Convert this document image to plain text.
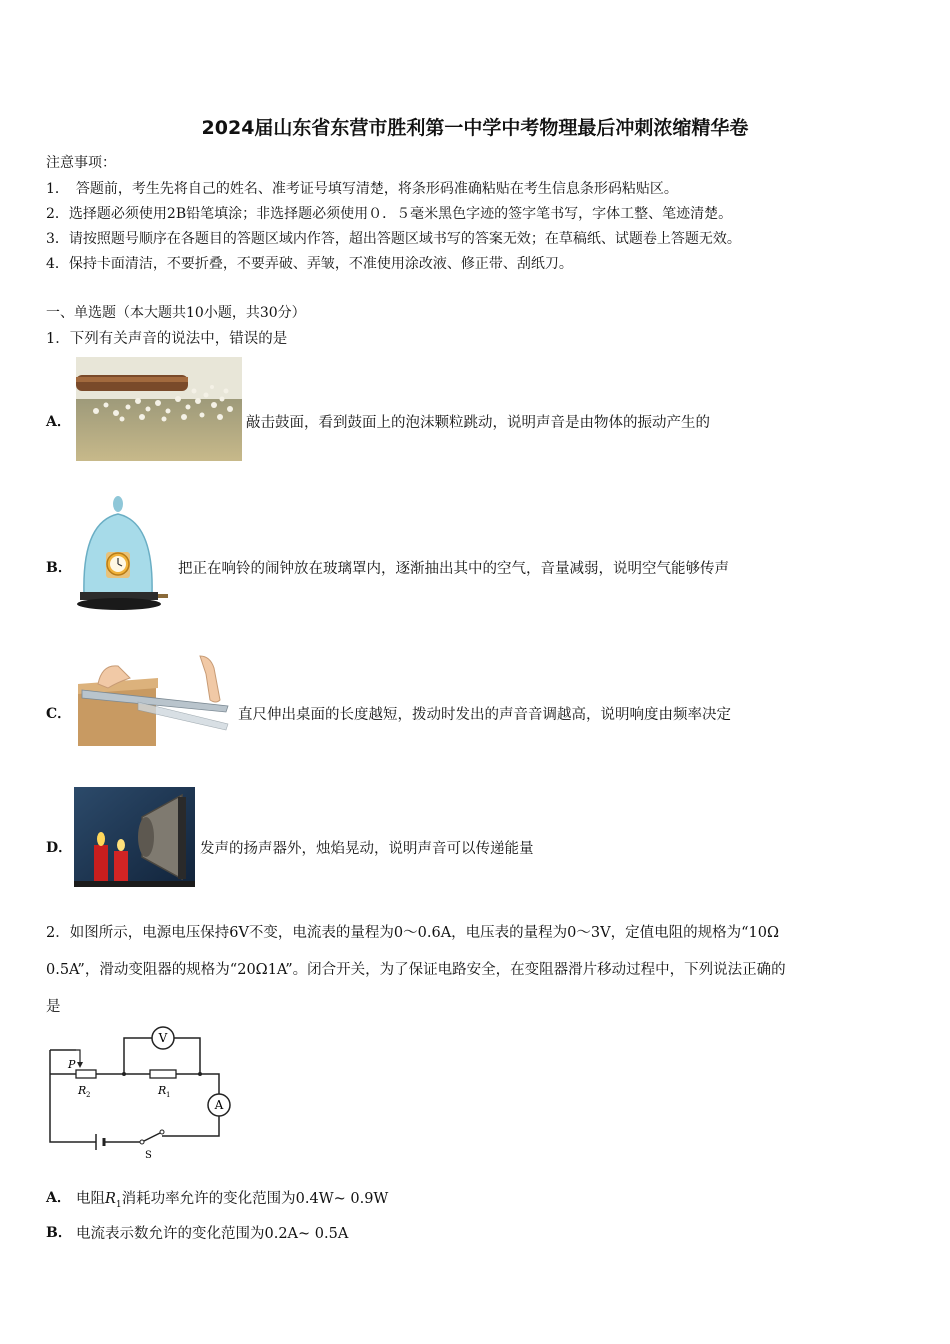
2024届山东省东营市胜利第一中学中考物理最后冲刺浓缩精华卷
注意事项：
1．　答题前，考生先将自己的姓名、准考证号填写清楚，将条形码准确粘贴在考生信息条形码粘贴区。
2．选择题必须使用2B铅笔填涂；非选择题必须使用０．５毫米黑色字迹的签字笔书写，字体工整、笔迹清楚。
3．请按照题号顺序在各题目的答题区域内作答，超出答题区域书写的答案无效；在草稿纸、试题卷上答题无效。
4．保持卡面清洁，不要折叠，不要弄破、弄皱，不准使用涂改液、修正带、刮纸刀。
一、单选题（本大题共10小题，共30分）
1．下列有关声音的说法中，错误的是
A．	敲击鼓面，看到鼓面上的泡沫颗粒跳动，说明声音是由物体的振动产生的
B．	把正在响铃的闹钟放在玻璃罩内，逐渐抽出其中的空气，音量减弱，说明空气能够传声
C．	直尺伸出桌面的长度越短，拨动时发出的声音音调越高，说明响度由频率决定
D．	发声的扬声器外，烛焰晃动，说明声音可以传递能量
2．如图所示，电源电压保持6V不变，电流表的量程为0～0.6A，电压表的量程为0～3V，定值电阻的规格为“10Ω
0.5A”，滑动变阻器的规格为“20Ω1A”。闭合开关，为了保证电路安全，在变阻器滑片移动过程中，下列说法正确的
是
V
A
P
R 2	R 1
S
A． 电阻$R_1$消耗功率允许的变化范围为0.4W~ 0.9W
B． 电流表示数允许的变化范围为0.2A~ 0.5A
